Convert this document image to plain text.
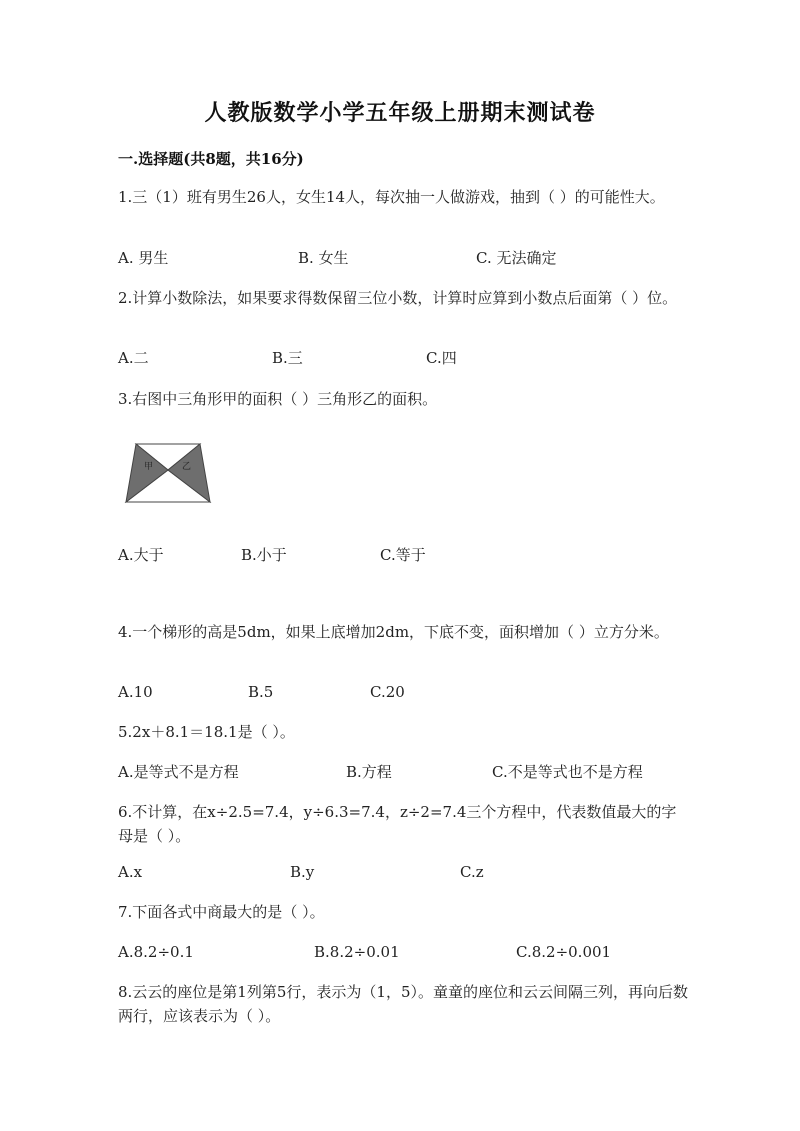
人教版数学小学五年级上册期末测试卷
一.选择题(共8题，共16分)
1.三（1）班有男生26人，女生14人，每次抽一人做游戏，抽到（ ）的可能性大。
A. 男生	B. 女生	C. 无法确定
2.计算小数除法，如果要求得数保留三位小数，计算时应算到小数点后面第（ ）位。
A.二	B.三	C.四
3.右图中三角形甲的面积（ ）三角形乙的面积。
甲	乙
A.大于	B.小于	C.等于
4.一个梯形的高是5dm，如果上底增加2dm，下底不变，面积增加（ ）立方分米。
A.10	B.5	C.20
5.2x＋8.1＝18.1是（ ）。
A.是等式不是方程	B.方程	C.不是等式也不是方程
6.不计算，在x÷2.5=7.4，y÷6.3=7.4，z÷2=7.4三个方程中，代表数值最大的字母是（ ）。
A.x	B.y	C.z
7.下面各式中商最大的是（ ）。
A.8.2÷0.1	B.8.2÷0.01	C.8.2÷0.001
8.云云的座位是第1列第5行，表示为（1，5）。童童的座位和云云间隔三列，再向后数两行，应该表示为（ ）。
